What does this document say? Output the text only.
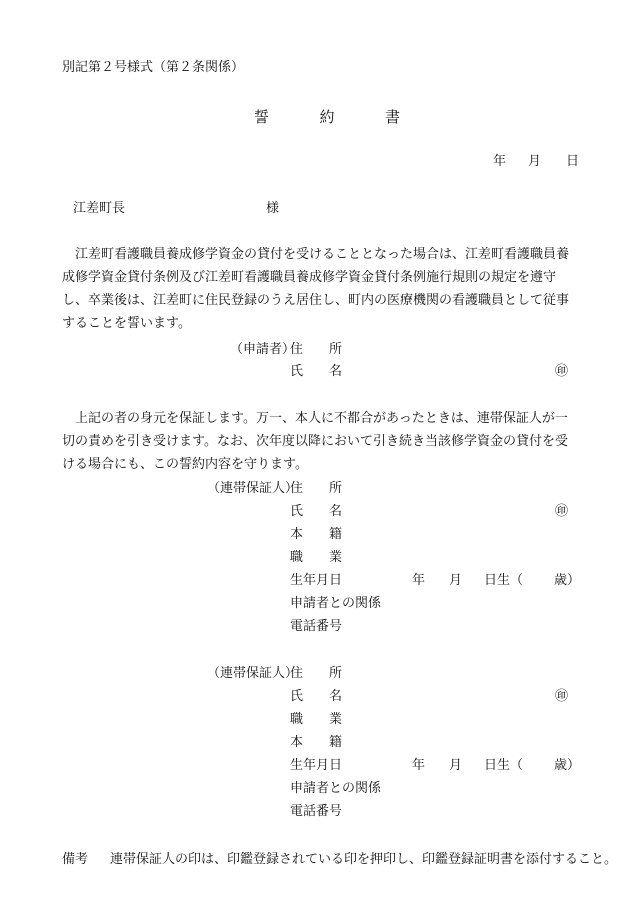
別記第２号様式（第２条関係）
誓	約	書
年 月 日
江差町長	様
江差町看護職員養成修学資金の貸付を受けることとなった場合は、江差町看護職員養成修学資金貸付条例及び江差町看護職員養成修学資金貸付条例施行規則の規定を遵守し、卒業後は、江差町に住民登録のうえ居住し、町内の医療機関の看護職員として従事することを誓います。
（申請者）
住　　所
氏　　名	㊞
上記の者の身元を保証します。万一、本人に不都合があったときは、連帯保証人が一切の責めを引き受けます。なお、次年度以降において引き続き当該修学資金の貸付を受ける場合にも、この誓約内容を守ります。
（連帯保証人）
住　　所
氏　　名	㊞
本　　籍
職　　業
生年月日	年 月 日生（ 歳）
申請者との関係
電話番号
（連帯保証人）
住　　所
氏　　名	㊞
職　　業
本　　籍
生年月日	年 月 日生（ 歳）
申請者との関係
電話番号
備考 連帯保証人の印は、印鑑登録されている印を押印し、印鑑登録証明書を添付すること。
